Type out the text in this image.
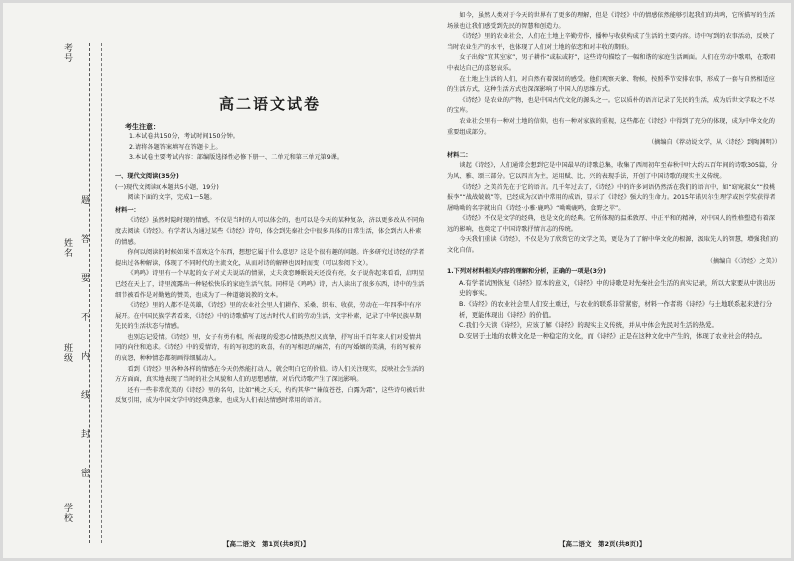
考号
姓名
班级
学校
题
答
要
不
内
线
封
密
高二语文试卷
考生注意：
1.本试卷共150分，考试时间150分钟。
2.请将各题答案填写在答题卡上。
3.本试卷主要考试内容：部编版选择性必修下册一、二单元和第三单元第9课。
一、现代文阅读(35分)
(一)现代文阅读Ⅰ(本题共5小题，19分)
阅读下面的文字，完成1～5题。
材料一：
《诗经》虽然时隐时现的情感，不仅是当时的人可以体会的，也可以是今天的某种复杂，济以更多改从不同角度去阅读《诗经》。有学者认为通过某些《诗经》诗句，体会到先秦社会中很多具体的日常生活，体会到古人朴素的情感。
你何以阅读的时候如果不喜欢这个东西，想想它属于什么意思？这是个很有趣的问题。许多研究过诗经的学者提出过各种解读，体现了不同时代的主流文化，从而对诗的解释也因时而变（可以参阅下文）。
《鸡鸣》诗里有一个早起的女子对丈夫说话的情景，丈夫贪恋睡眠说天还没有亮，女子说你起来看看，启明星已经在天上了，诗里流露出一种轻松快乐的家庭生活气氛。同样是《鸡鸣》诗，古人读出了很多东西，诗中的生活细节被看作是对勤勉的赞美，也成为了一种道德说教的文本。
《诗经》里的人都不是英雄，《诗经》里的农业社会里人们耕作、采桑、织布、收获，劳动在一年四季中有序展开。在中国民族学者看来，《诗经》中的诗歌描写了远古时代人们的劳动生活，文字朴素，记录了中华民族早期先民的生活状态与情感。
也别忘记爱情。《诗经》里，女子有勇有相，所表现的爱恋心情既热烈又真挚，抒写出千百年来人们对爱情共同的向往和追求。《诗经》中的爱情诗，有的写初恋的欢喜，有的写相思的痛苦，有的写婚姻的美满，有的写被弃的哀怨，种种情态都刻画得细腻动人。
看到《诗经》里各种各样的情感在今天仍然能打动人，就会明白它的价值。诗人们关注现实，反映社会生活的方方面面，真实地表现了当时的社会风貌和人们的思想感情，对后代诗歌产生了深远影响。
还有一些非常优美的《诗经》里的名句，比如“桃之夭夭，灼灼其华”“蒹葭苍苍，白露为霜”，这些诗句被后世反复引用，成为中国文学中的经典意象，也成为人们表达情感时常用的语言。
如今，虽然人类对于今天的世界有了更多的理解，但是《诗经》中的情感依然能够引起我们的共鸣，它所描写的生活场景也让我们感受到先民的智慧和创造力。
《诗经》里的农业社会，人们在土地上辛勤劳作，播种与收获构成了生活的主要内容。诗中写到的农事活动，反映了当时农业生产的水平，也体现了人们对土地的依恋和对丰收的期盼。
女子出嫁“宜其室家”，男子耕作“或耘或耔”，这些诗句描绘了一幅和谐的家庭生活画面。人们在劳动中歌唱，在歌唱中表达自己的喜怒哀乐。
在土地上生活的人们，对自然有着深切的感受。他们观察天象、物候，按照季节安排农事，形成了一套与自然相适应的生活方式，这种生活方式也深深影响了中国人的思维方式。
《诗经》是农业的产物，也是中国古代文化的源头之一。它以质朴的语言记录了先民的生活，成为后世文学取之不尽的宝库。
农业社会里有一种对土地的信仰，也有一种对家族的重视，这些都在《诗经》中得到了充分的体现，成为中华文化的重要组成部分。
（摘编自《荐动说文学，从〈诗经〉到陶渊明》）
材料二：
谈起《诗经》，人们通常会想到它是中国最早的诗歌总集，收集了西周初年至春秋中叶大约五百年间的诗歌305篇，分为风、雅、颂三部分。它以四言为主，运用赋、比、兴的表现手法，开创了中国诗歌的现实主义传统。
《诗经》之美首先在于它的语言。几千年过去了，《诗经》中的许多词语仍然活在我们的语言中，如“窈窕淑女”“投桃报李”“战战兢兢”等，已经成为汉语中常用的成语，显示了《诗经》强大的生命力。2015年诺贝尔生理学或医学奖获得者屠呦呦的名字就出自《诗经·小雅·鹿鸣》“呦呦鹿鸣，食野之苹”。
《诗经》不仅是文学的经典，也是文化的经典。它所体现的温柔敦厚、中正平和的精神，对中国人的性格塑造有着深远的影响，也奠定了中国诗歌抒情言志的传统。
今天我们重读《诗经》，不仅是为了欣赏它的文学之美，更是为了了解中华文化的根源，汲取先人的智慧，增强我们的文化自信。
（摘编自《〈诗经〉之美》）
1.下列对材料相关内容的理解和分析，正确的一项是(3分)
A.有学者试图恢复《诗经》原本的意义，《诗经》中的诗歌是对先秦社会生活的真实记录，所以大家要从中读出历史的事实。
B.《诗经》的农业社会里人们安土重迁，与农业的联系非常紧密，材料一作者将《诗经》与土地联系起来进行分析，更能体现出《诗经》的价值。
C.我们今天读《诗经》，应该了解《诗经》的现实主义传统，并从中体会先民对生活的热爱。
D.安居于土地的农耕文化是一种稳定的文化，而《诗经》正是在这种文化中产生的，体现了农业社会的特点。
【高二语文　第1页(共8页)】	【高二语文　第2页(共8页)】
